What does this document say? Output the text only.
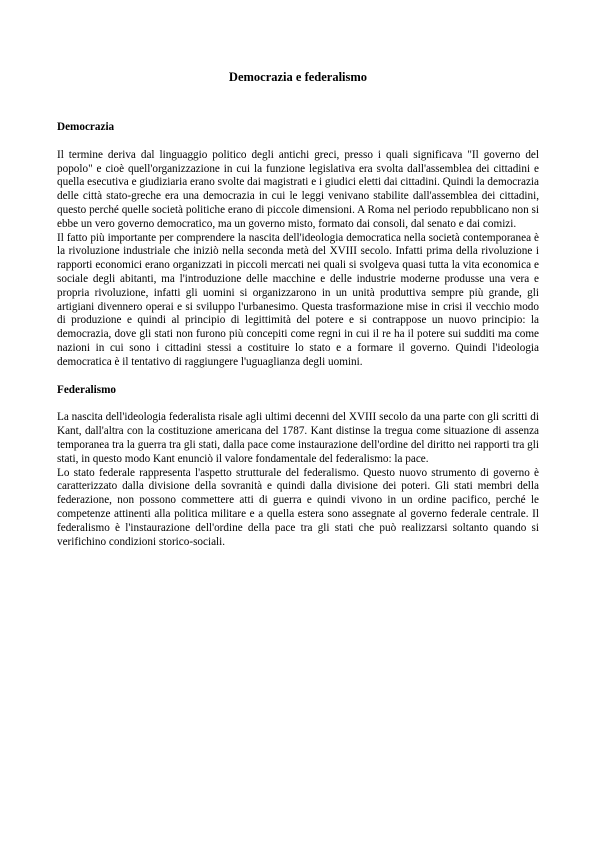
Democrazia e federalismo
Democrazia

Il termine deriva dal linguaggio politico degli antichi greci, presso i quali significava "Il governo del popolo" e cioè quell'organizzazione in cui la funzione legislativa era svolta dall'assemblea dei cittadini e quella esecutiva e giudiziaria erano svolte dai magistrati e i giudici eletti dai cittadini. Quindi la democrazia delle città stato-greche era una democrazia in cui le leggi venivano stabilite dall'assemblea dei cittadini, questo perché quelle società politiche erano di piccole dimensioni. A Roma nel periodo repubblicano non si ebbe un vero governo democratico, ma un governo misto, formato dai consoli, dal senato e dai comizi.

Il fatto più importante per comprendere la nascita dell'ideologia democratica nella società contemporanea è la rivoluzione industriale che iniziò nella seconda metà del XVIII secolo. Infatti prima della rivoluzione i rapporti economici erano organizzati in piccoli mercati nei quali si svolgeva quasi tutta la vita economica e sociale degli abitanti, ma l'introduzione delle macchine e delle industrie moderne produsse una vera e propria rivoluzione, infatti gli uomini si organizzarono in un unità produttiva sempre più grande, gli artigiani divennero operai e si sviluppo l'urbanesimo. Questa trasformazione mise in crisi il vecchio modo di produzione e quindi al principio di legittimità del potere e si contrappose un nuovo principio: la democrazia, dove gli stati non furono più concepiti come regni in cui il re ha il potere sui sudditi ma come nazioni in cui sono i cittadini stessi a costituire lo stato e a formare il governo. Quindi l'ideologia democratica è il tentativo di raggiungere l'uguaglianza degli uomini.

Federalismo

La nascita dell'ideologia federalista risale agli ultimi decenni del XVIII secolo da una parte con gli scritti di Kant, dall'altra con la costituzione americana del 1787. Kant distinse la tregua come situazione di assenza temporanea tra la guerra tra gli stati, dalla pace come instaurazione dell'ordine del diritto nei rapporti tra gli stati, in questo modo Kant enunciò il valore fondamentale del federalismo: la pace.

Lo stato federale rappresenta l'aspetto strutturale del federalismo. Questo nuovo strumento di governo è caratterizzato dalla divisione della sovranità e quindi dalla divisione dei poteri. Gli stati membri della federazione, non possono commettere atti di guerra e quindi vivono in un ordine pacifico, perché le competenze attinenti alla politica militare e a quella estera sono assegnate al governo federale centrale. Il federalismo è l'instaurazione dell'ordine della pace tra gli stati che può realizzarsi soltanto quando si verifichino condizioni storico-sociali.
